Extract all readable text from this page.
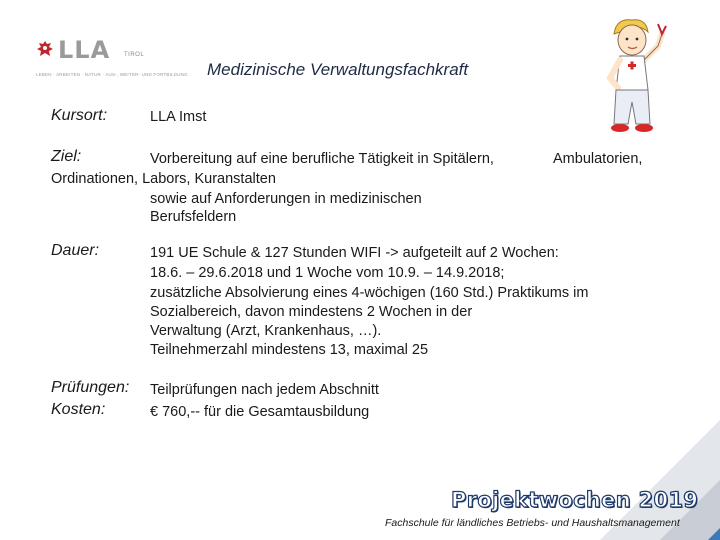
LLA TIROL
LEBEN · ARBEITEN · NATUR · AUS-, WEITER- UND FORTBILDUNG Medizinische Verwaltungsfachkraft
Kursort:	LLA Imst
Ziel:	Vorbereitung auf eine berufliche Tätigkeit in Spitälern,	Ambulatorien,
Ordinationen, Labors, Kuranstalten
sowie auf Anforderungen in medizinischen
Berufsfeldern
Dauer:	191 UE Schule & 127 Stunden WIFI -> aufgeteilt auf 2 Wochen:
18.6. – 29.6.2018 und 1 Woche vom 10.9. – 14.9.2018;
zusätzliche Absolvierung eines 4-wöchigen (160 Std.) Praktikums im
Sozialbereich, davon mindestens 2 Wochen in der
Verwaltung (Arzt, Krankenhaus, …).
Teilnehmerzahl mindestens 13, maximal 25
Prüfungen: Teilprüfungen nach jedem Abschnitt
Kosten:	€ 760,-- für die Gesamtausbildung
Projektwochen 2019
Fachschule für ländliches Betriebs- und Haushaltsmanagement
